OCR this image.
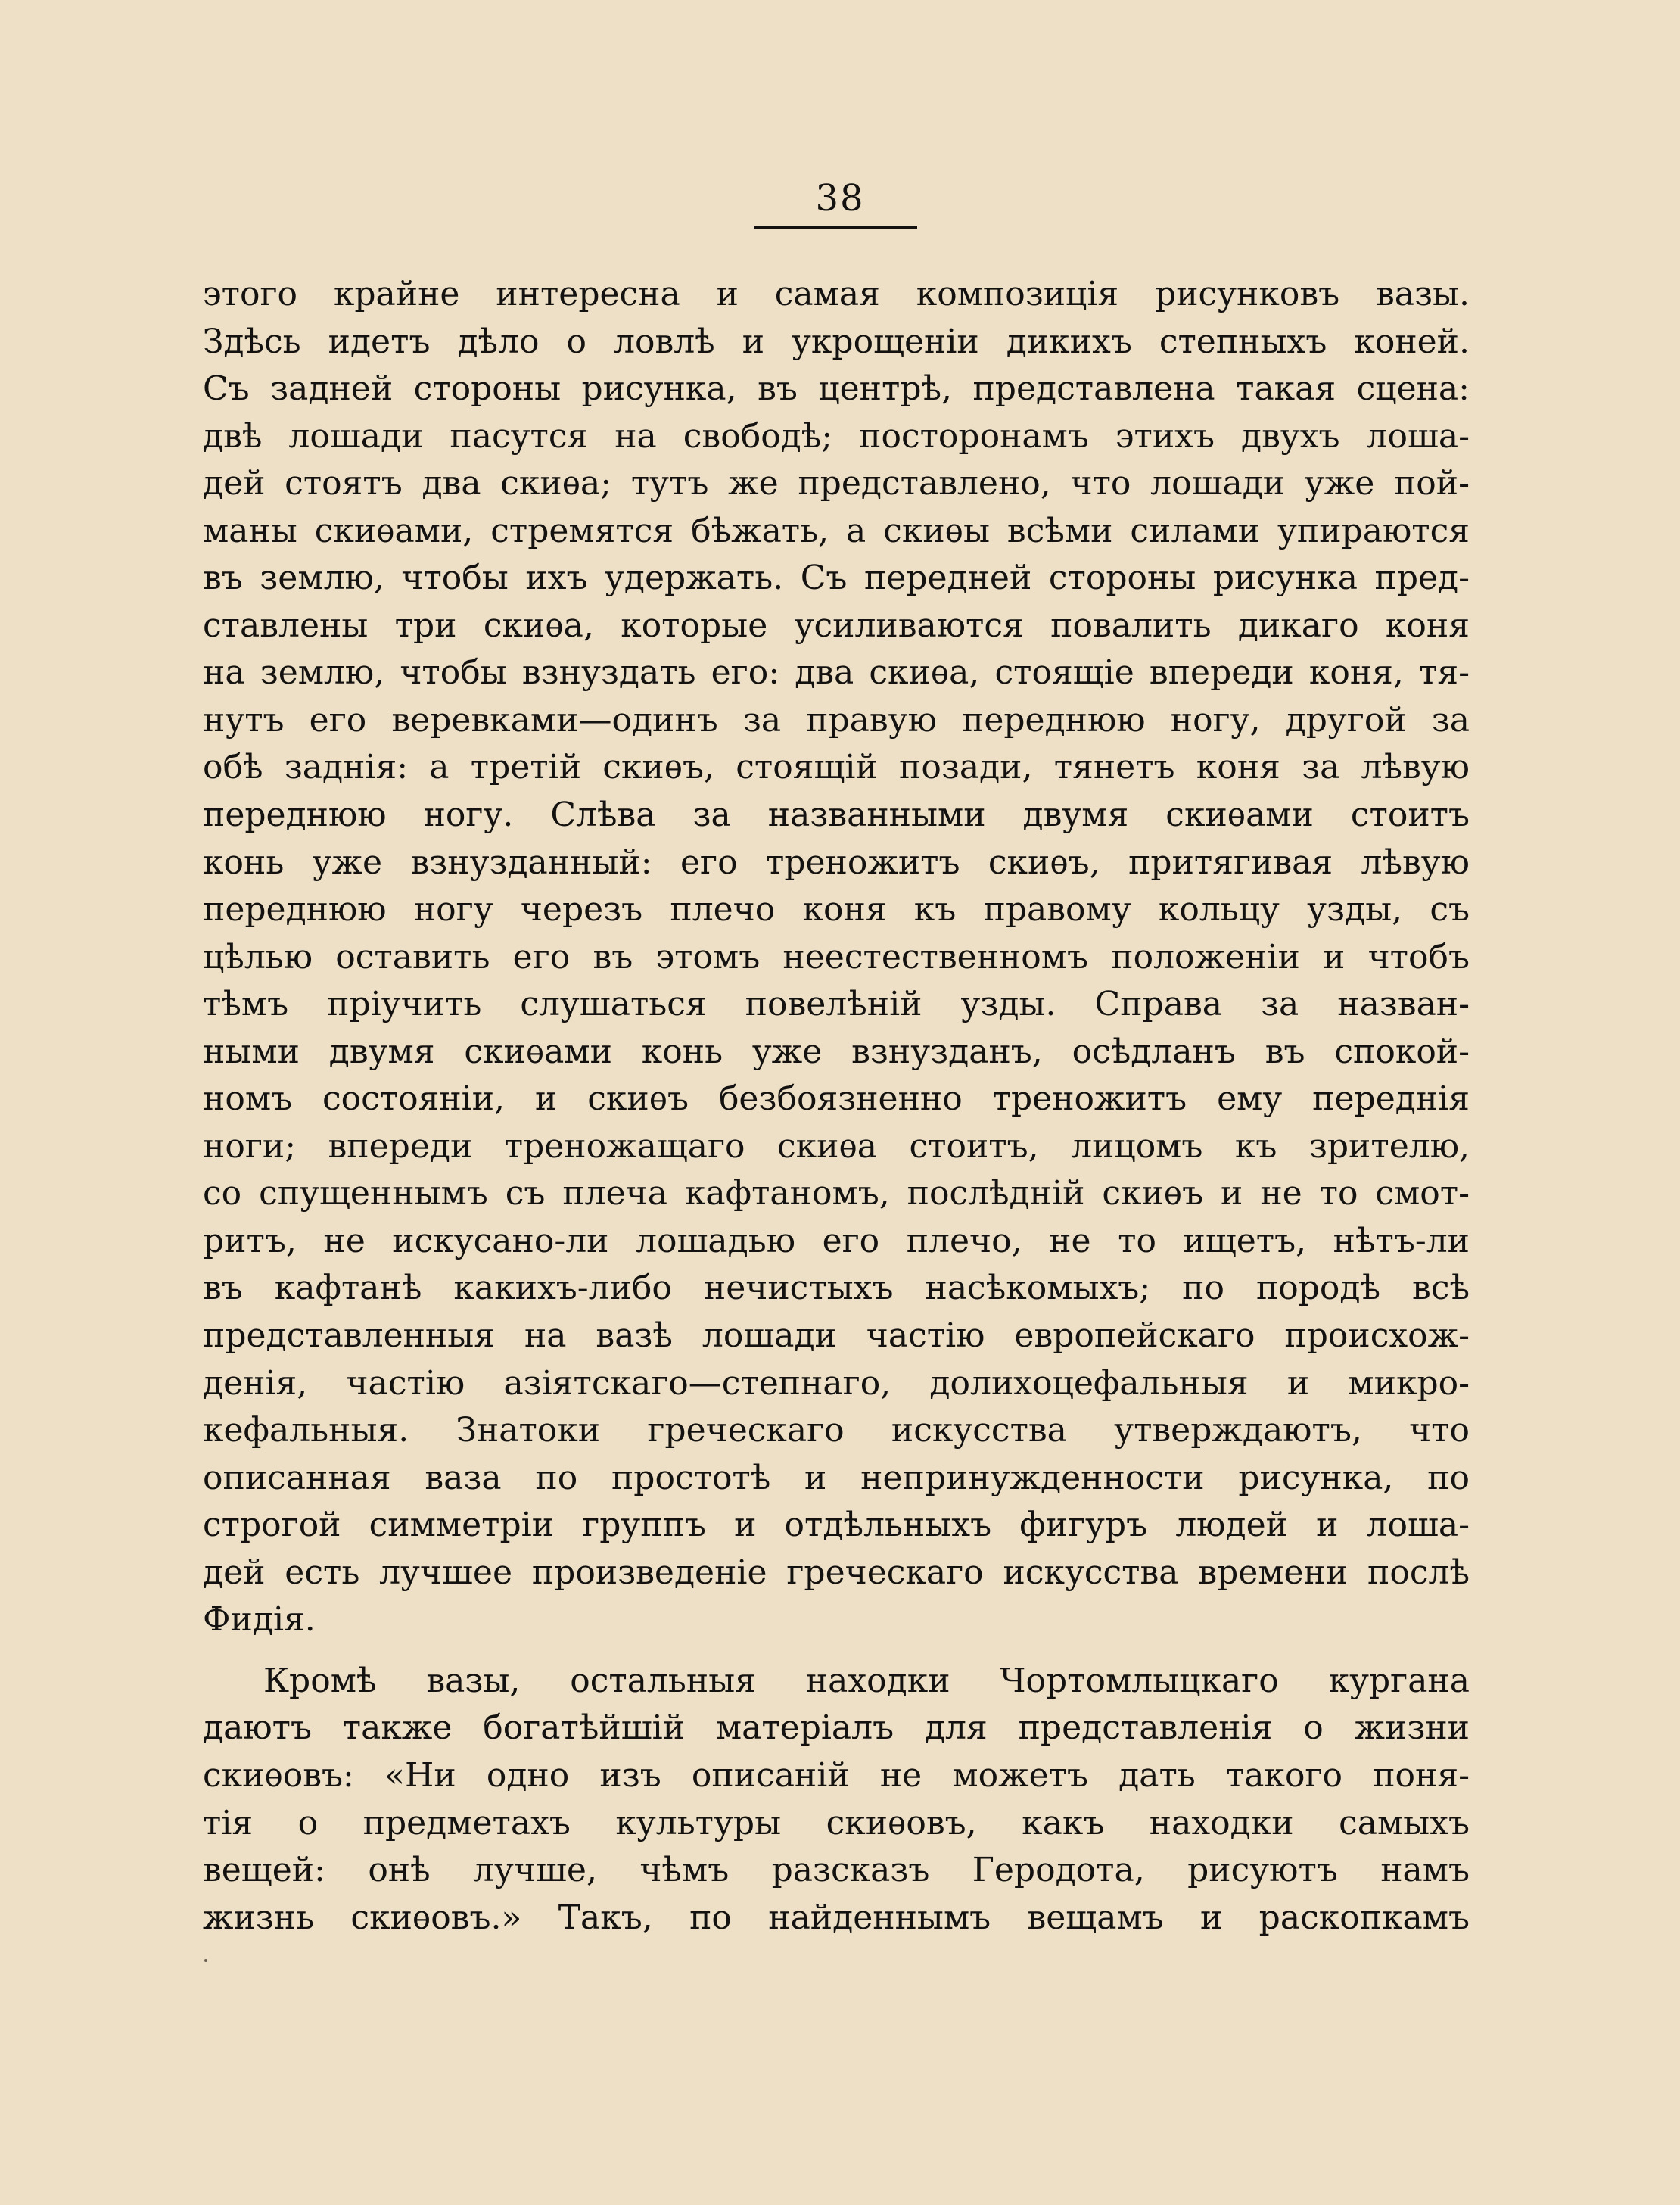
38
этого крайне интересна и самая композиція рисунковъ вазы.
Здѣсь идетъ дѣло о ловлѣ и укрощеніи дикихъ степныхъ коней.
Съ задней стороны рисунка, въ центрѣ, представлена такая сцена:
двѣ лошади пасутся на свободѣ; посторонамъ этихъ двухъ лоша-
дей стоятъ два скиѳа; тутъ же представлено, что лошади уже пой-
маны скиѳами, стремятся бѣжать, а скиѳы всѣми силами упираются
въ землю, чтобы ихъ удержать. Съ передней стороны рисунка пред-
ставлены три скиѳа, которые усиливаются повалить дикаго коня
на землю, чтобы взнуздать его: два скиѳа, стоящіе впереди коня, тя-
нутъ его веревками—одинъ за правую переднюю ногу, другой за
обѣ заднія: а третій скиѳъ, стоящій позади, тянетъ коня за лѣвую
переднюю ногу. Слѣва за названными двумя скиѳами стоитъ
конь уже взнузданный: его треножитъ скиѳъ, притягивая лѣвую
переднюю ногу черезъ плечо коня къ правому кольцу узды, съ
цѣлью оставить его въ этомъ неестественномъ положеніи и чтобъ
тѣмъ пріучить слушаться повелѣній узды. Справа за назван-
ными двумя скиѳами конь уже взнузданъ, осѣдланъ въ спокой-
номъ состояніи, и скиѳъ безбоязненно треножитъ ему переднія
ноги; впереди треножащаго скиѳа стоитъ, лицомъ къ зрителю,
со спущеннымъ съ плеча кафтаномъ, послѣдній скиѳъ и не то смот-
ритъ, не искусано-ли лошадью его плечо, не то ищетъ, нѣтъ-ли
въ кафтанѣ какихъ-либо нечистыхъ насѣкомыхъ; по породѣ всѣ
представленныя на вазѣ лошади частію европейскаго происхож-
денія, частію азіятскаго—степнаго, долихоцефальныя и микро-
кефальныя. Знатоки греческаго искусства утверждаютъ, что
описанная ваза по простотѣ и непринужденности рисунка, по
строгой симметріи группъ и отдѣльныхъ фигуръ людей и лоша-
дей есть лучшее произведеніе греческаго искусства времени послѣ
Фидія.
Кромѣ вазы, остальныя находки Чортомлыцкаго кургана
даютъ также богатѣйшій матеріалъ для представленія о жизни
скиѳовъ: «Ни одно изъ описаній не можетъ дать такого поня-
тія о предметахъ культуры скиѳовъ, какъ находки самыхъ
вещей: онѣ лучше, чѣмъ разсказъ Геродота, рисуютъ намъ
жизнь скиѳовъ.» Такъ, по найденнымъ вещамъ и раскопкамъ
